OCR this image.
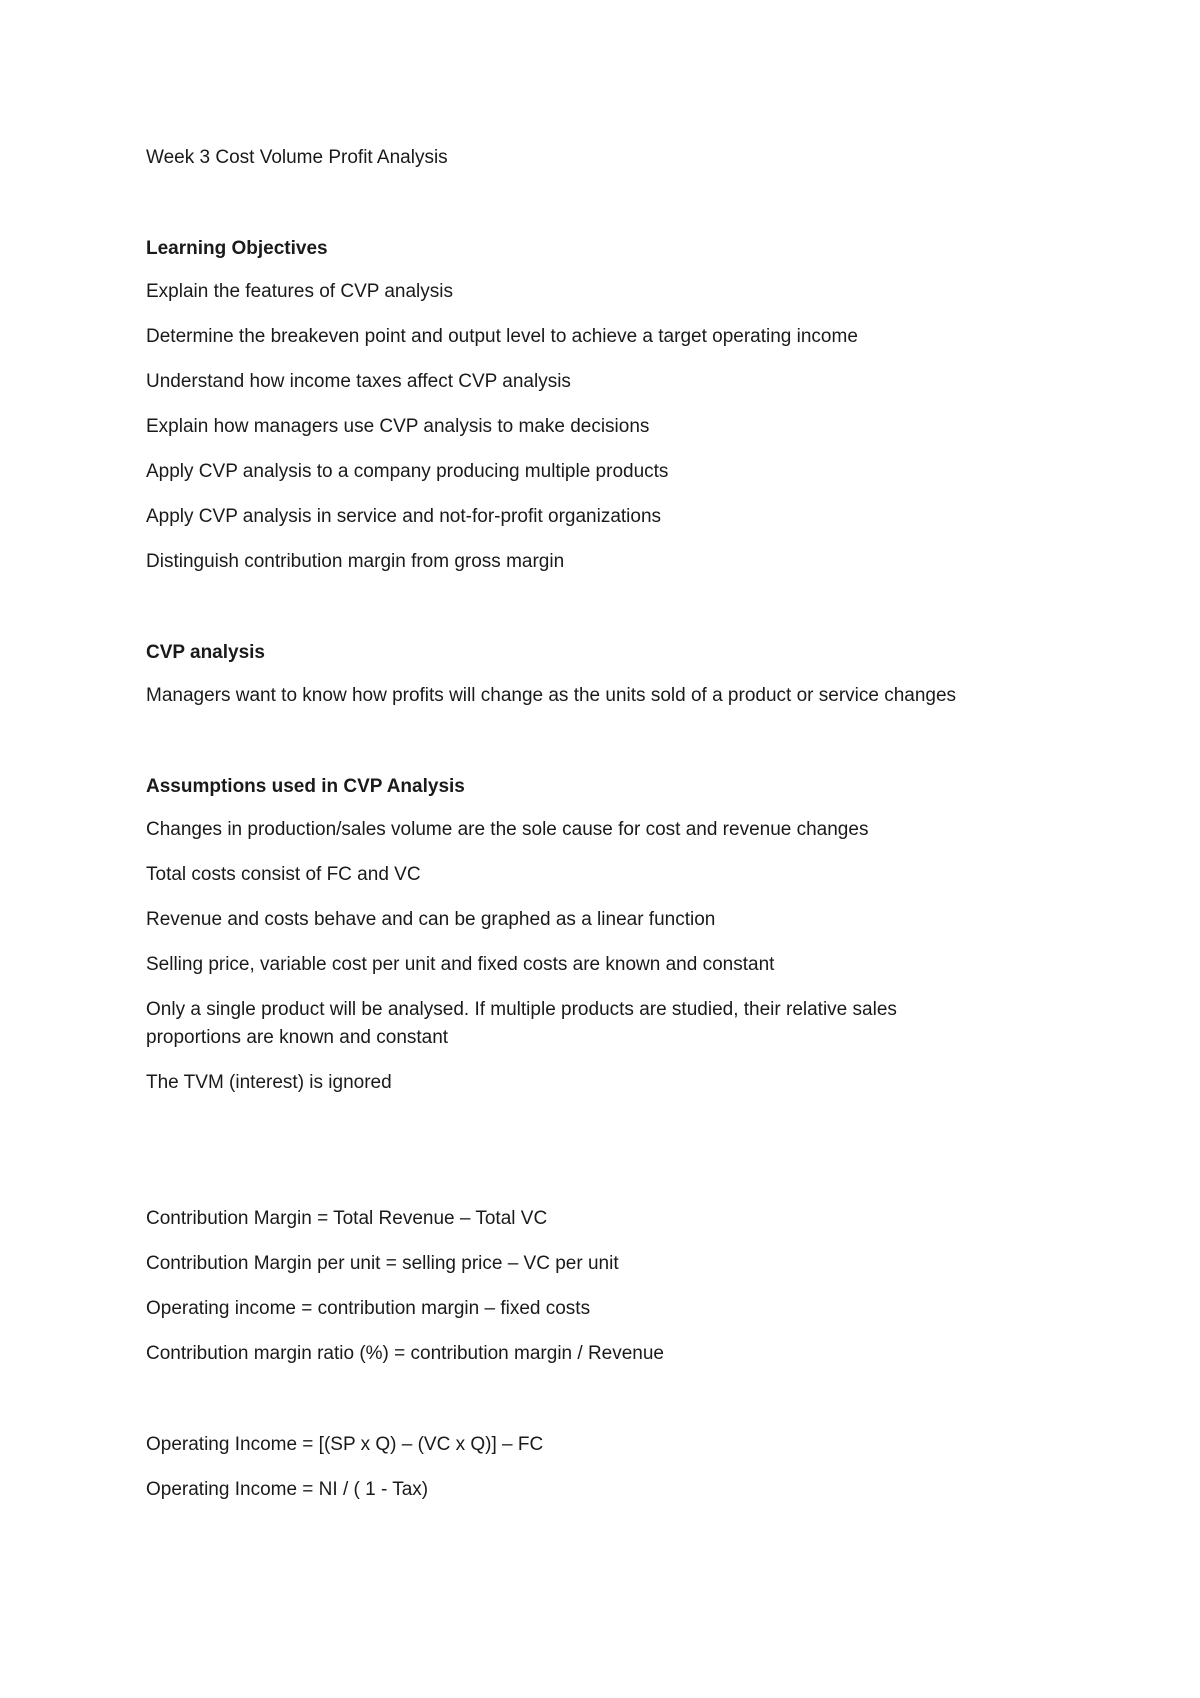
Week 3 Cost Volume Profit Analysis

Learning Objectives

Explain the features of CVP analysis

Determine the breakeven point and output level to achieve a target operating income

Understand how income taxes affect CVP analysis

Explain how managers use CVP analysis to make decisions

Apply CVP analysis to a company producing multiple products

Apply CVP analysis in service and not-for-profit organizations

Distinguish contribution margin from gross margin

CVP analysis

Managers want to know how profits will change as the units sold of a product or service changes

Assumptions used in CVP Analysis

Changes in production/sales volume are the sole cause for cost and revenue changes

Total costs consist of FC and VC

Revenue and costs behave and can be graphed as a linear function

Selling price, variable cost per unit and fixed costs are known and constant

Only a single product will be analysed. If multiple products are studied, their relative sales proportions are known and constant

The TVM (interest) is ignored

Contribution Margin = Total Revenue – Total VC

Contribution Margin per unit = selling price – VC per unit

Operating income = contribution margin – fixed costs

Contribution margin ratio (%) = contribution margin / Revenue

Operating Income = [(SP x Q) – (VC x Q)] – FC

Operating Income = NI / ( 1 - Tax)
